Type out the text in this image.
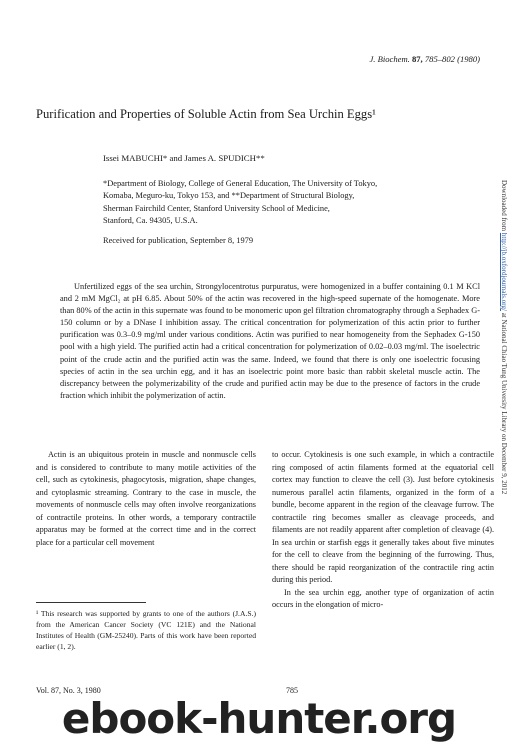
J. Biochem. 87, 785–802 (1980)
Purification and Properties of Soluble Actin from Sea Urchin Eggs¹
Issei MABUCHI* and James A. SPUDICH**
*Department of Biology, College of General Education, The University of Tokyo,
Komaba, Meguro-ku, Tokyo 153, and **Department of Structural Biology,
Sherman Fairchild Center, Stanford University School of Medicine,
Stanford, Ca. 94305, U.S.A.
Received for publication, September 8, 1979
Unfertilized eggs of the sea urchin, Strongylocentrotus purpuratus, were homogenized in a buffer containing 0.1 M KCl and 2 mM MgCl₂ at pH 6.85. About 50% of the actin was recovered in the high-speed supernate of the homogenate. More than 80% of the actin in this supernate was found to be monomeric upon gel filtration chromatography through a Sephadex G-150 column or by a DNase I inhibition assay. The critical concentration for polymerization of this actin prior to further purification was 0.3–0.9 mg/ml under various conditions. Actin was purified to near homogeneity from the Sephadex G-150 pool with a high yield. The purified actin had a critical concentration for polymerization of 0.02–0.03 mg/ml. The isoelectric point of the crude actin and the purified actin was the same. Indeed, we found that there is only one isoelectric focusing species of actin in the sea urchin egg, and it has an isoelectric point more basic than rabbit skeletal muscle actin. The discrepancy between the polymerizability of the crude and purified actin may be due to the presence of factors in the crude fraction which inhibit the polymerization of actin.
Actin is an ubiquitous protein in muscle and nonmuscle cells and is considered to contribute to many motile activities of the cell, such as cytokinesis, phagocytosis, migration, shape changes, and cytoplasmic streaming. Contrary to the case in muscle, the movements of nonmuscle cells may often involve reorganizations of contractile proteins. In other words, a temporary contractile apparatus may be formed at the correct time and in the correct place for a particular cell movement

to occur. Cytokinesis is one such example, in which a contractile ring composed of actin filaments formed at the equatorial cell cortex may function to cleave the cell (3). Just before cytokinesis numerous parallel actin filaments, organized in the form of a bundle, become apparent in the region of the cleavage furrow. The contractile ring becomes smaller as cleavage proceeds, and filaments are not readily apparent after completion of cleavage (4). In sea urchin or starfish eggs it generally takes about five minutes for the cell to cleave from the beginning of the furrowing. Thus, there should be rapid reorganization of the contractile ring actin during this period.

In the sea urchin egg, another type of organization of actin occurs in the elongation of micro-

¹ This research was supported by grants to one of the authors (J.A.S.) from the American Cancer Society (VC 121E) and the National Institutes of Health (GM-25240). Parts of this work have been reported earlier (1, 2).
Vol. 87, No. 3, 1980	785
Downloaded from http://jb.oxfordjournals.org/ at National Chiao Tung University Library on December 9, 2012
ebook-hunter.org
